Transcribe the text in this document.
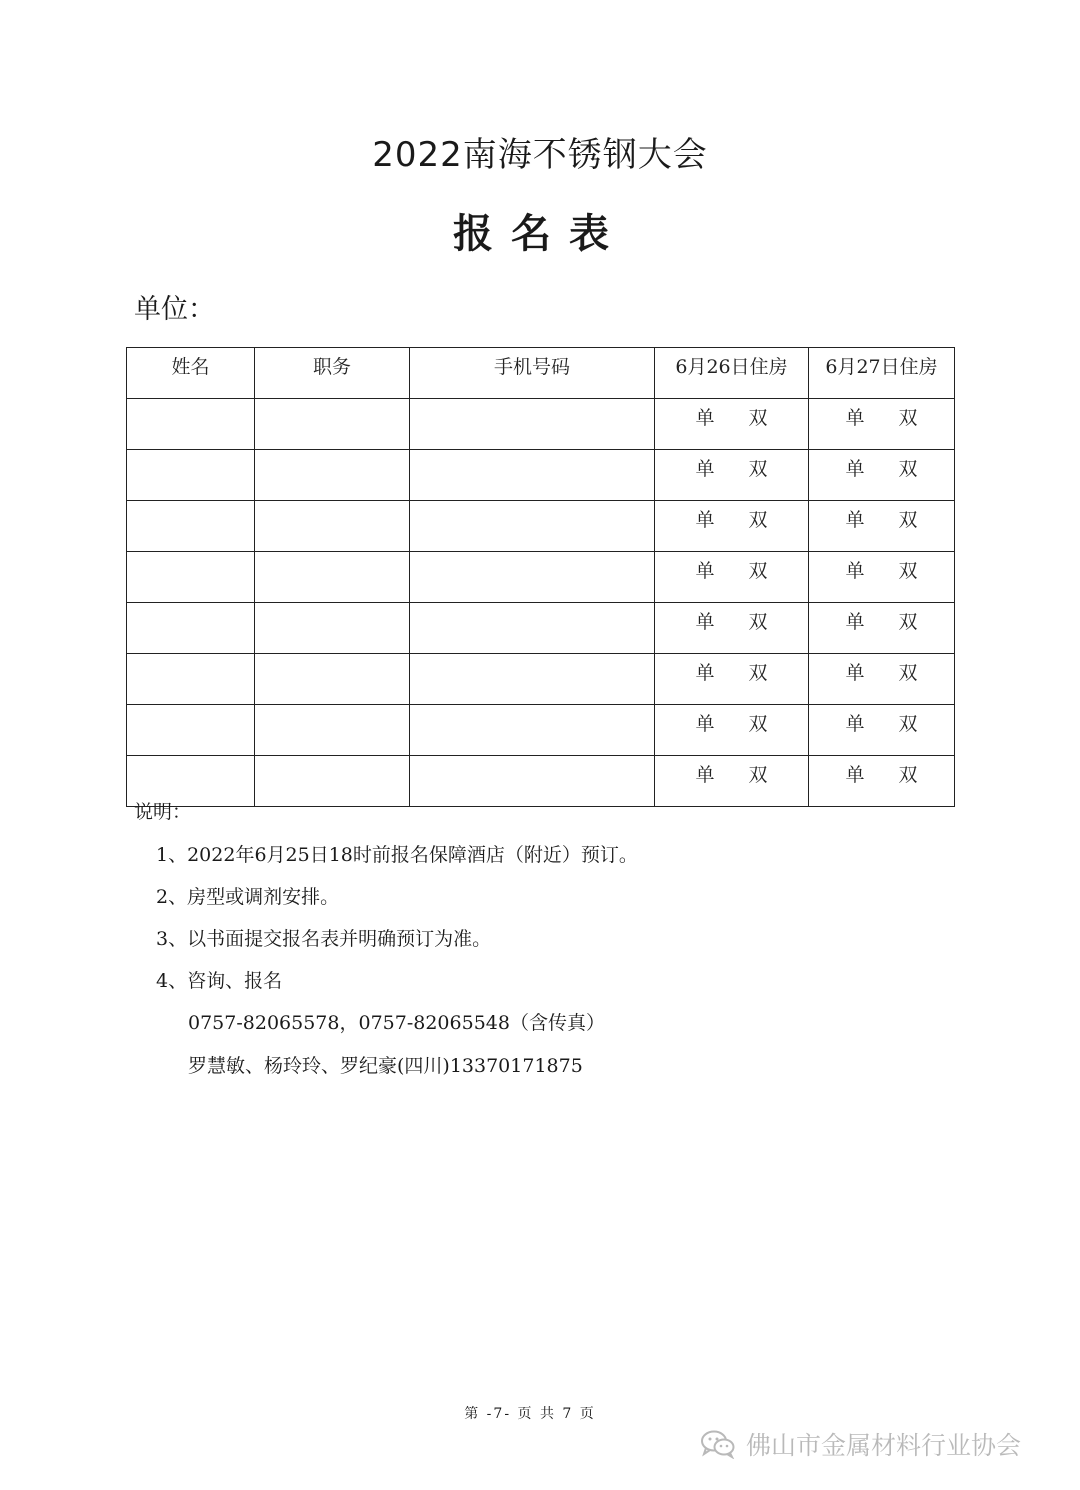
2022南海不锈钢大会
报名表
单位：
姓名	职务	手机号码	6月26日住房	6月27日住房
			单 双	单 双
			单 双	单 双
			单 双	单 双
			单 双	单 双
			单 双	单 双
			单 双	单 双
			单 双	单 双
			单 双	单 双
说明：
1、2022年6月25日18时前报名保障酒店（附近）预订。
2、房型或调剂安排。
3、以书面提交报名表并明确预订为准。
4、咨询、报名
0757-82065578，0757-82065548（含传真）
罗慧敏、杨玲玲、罗纪豪(四川)13370171875
第 -7- 页 共 7 页
佛山市金属材料行业协会
